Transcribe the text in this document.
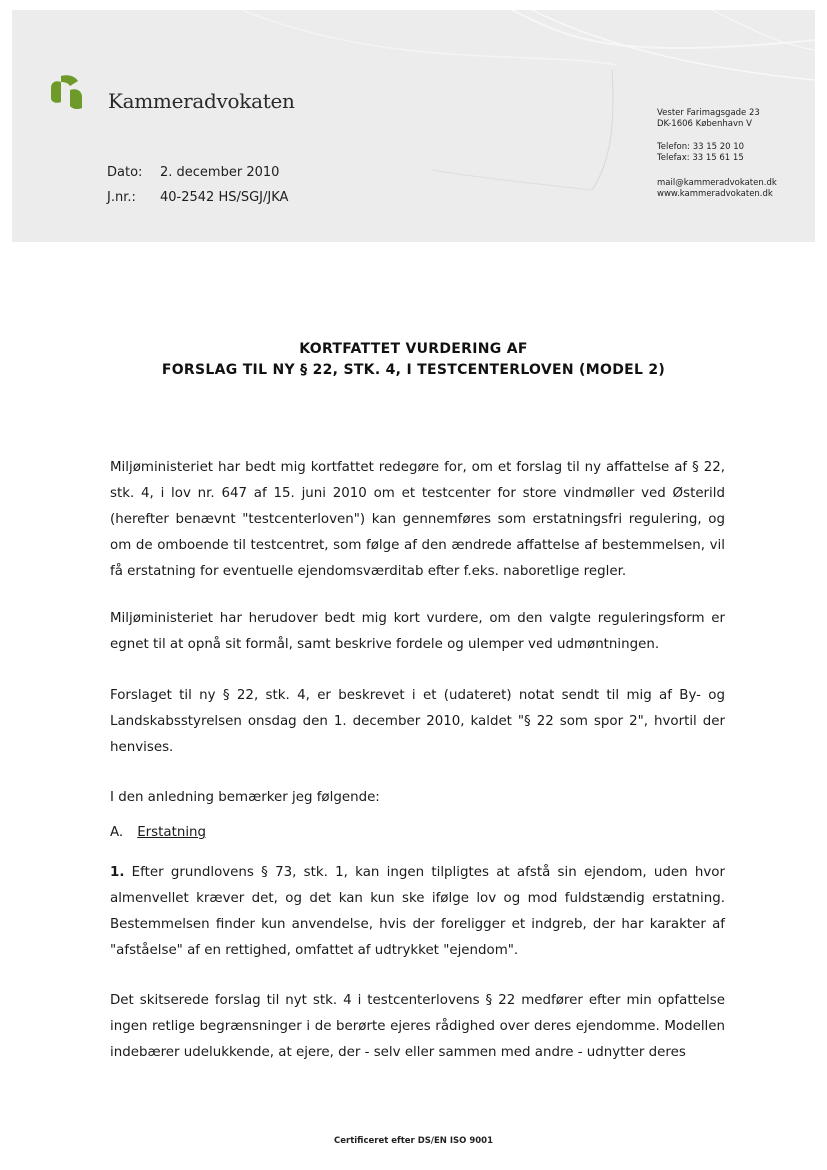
Kammeradvokaten
Dato: 2. december 2010
J.nr.: 40-2542 HS/SGJ/JKA
Vester Farimagsgade 23
DK-1606 København V
Telefon: 33 15 20 10
Telefax: 33 15 61 15
mail@kammeradvokaten.dk
www.kammeradvokaten.dk
KORTFATTET VURDERING AF
FORSLAG TIL NY § 22, STK. 4, I TESTCENTERLOVEN (MODEL 2)
Miljøministeriet har bedt mig kortfattet redegøre for, om et forslag til ny affattelse af § 22, stk. 4, i lov nr. 647 af 15. juni 2010 om et testcenter for store vindmøller ved Østerild (herefter benævnt "testcenterloven") kan gennemføres som erstatningsfri regulering, og om de omboende til testcentret, som følge af den ændrede affattelse af bestemmelsen, vil få erstatning for eventuelle ejendomsværditab efter f.eks. naboretlige regler.
Miljøministeriet har herudover bedt mig kort vurdere, om den valgte reguleringsform er egnet til at opnå sit formål, samt beskrive fordele og ulemper ved udmøntningen.
Forslaget til ny § 22, stk. 4, er beskrevet i et (udateret) notat sendt til mig af By- og Landskabsstyrelsen onsdag den 1. december 2010, kaldet "§ 22 som spor 2", hvortil der henvises.
I den anledning bemærker jeg følgende:
A. Erstatning
1. Efter grundlovens § 73, stk. 1, kan ingen tilpligtes at afstå sin ejendom, uden hvor almenvellet kræver det, og det kan kun ske ifølge lov og mod fuldstændig erstatning. Bestemmelsen finder kun anvendelse, hvis der foreligger et indgreb, der har karakter af "afståelse" af en rettighed, omfattet af udtrykket "ejendom".
Det skitserede forslag til nyt stk. 4 i testcenterlovens § 22 medfører efter min opfattelse ingen retlige begrænsninger i de berørte ejeres rådighed over deres ejendomme. Modellen indebærer udelukkende, at ejere, der - selv eller sammen med andre - udnytter deres
Certificeret efter DS/EN ISO 9001
